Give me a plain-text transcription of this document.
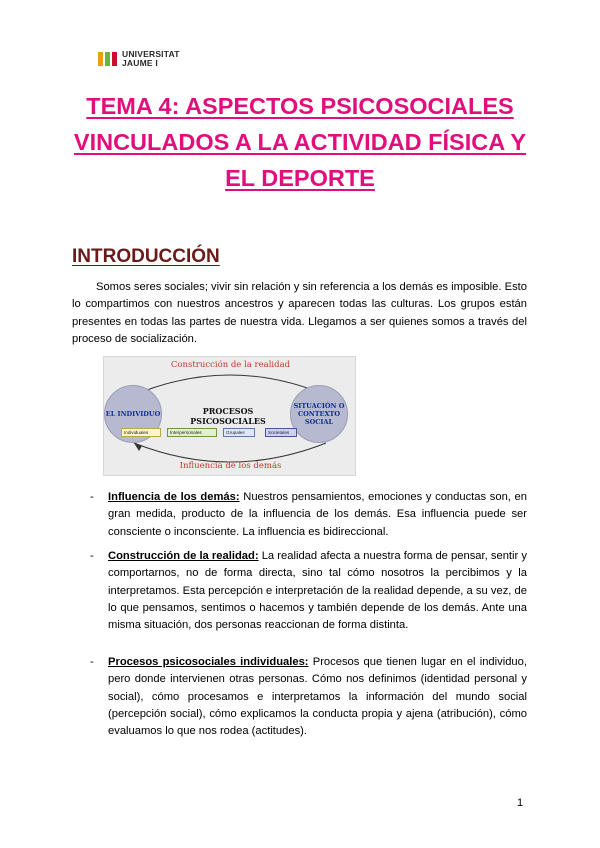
UNIVERSITAT
JAUME I
TEMA 4: ASPECTOS PSICOSOCIALES VINCULADOS A LA ACTIVIDAD FÍSICA Y EL DEPORTE
INTRODUCCIÓN

Somos seres sociales; vivir sin relación y sin referencia a los demás es imposible. Esto lo compartimos con nuestros ancestros y aparecen todas las culturas. Los grupos están presentes en todas las partes de nuestra vida. Llegamos a ser quienes somos a través del proceso de socialización.

Construcción de la realidad
EL INDIVIDUO
SITUACIÓN O CONTEXTO SOCIAL
PROCESOS PSICOSOCIALES
Individuales	Interpersonales	Grupales	Societales
Influencia de los demás
- Influencia de los demás: Nuestros pensamientos, emociones y conductas son, en gran medida, producto de la influencia de los demás. Esa influencia puede ser consciente o inconsciente. La influencia es bidireccional.
- Construcción de la realidad: La realidad afecta a nuestra forma de pensar, sentir y comportarnos, no de forma directa, sino tal cómo nosotros la percibimos y la interpretamos. Esta percepción e interpretación de la realidad depende, a su vez, de lo que pensamos, sentimos o hacemos y también depende de los demás. Ante una misma situación, dos personas reaccionan de forma distinta.
- Procesos psicosociales individuales: Procesos que tienen lugar en el individuo, pero donde intervienen otras personas. Cómo nos definimos (identidad personal y social), cómo procesamos e interpretamos la información del mundo social (percepción social), cómo explicamos la conducta propia y ajena (atribución), cómo evaluamos lo que nos rodea (actitudes).
1
